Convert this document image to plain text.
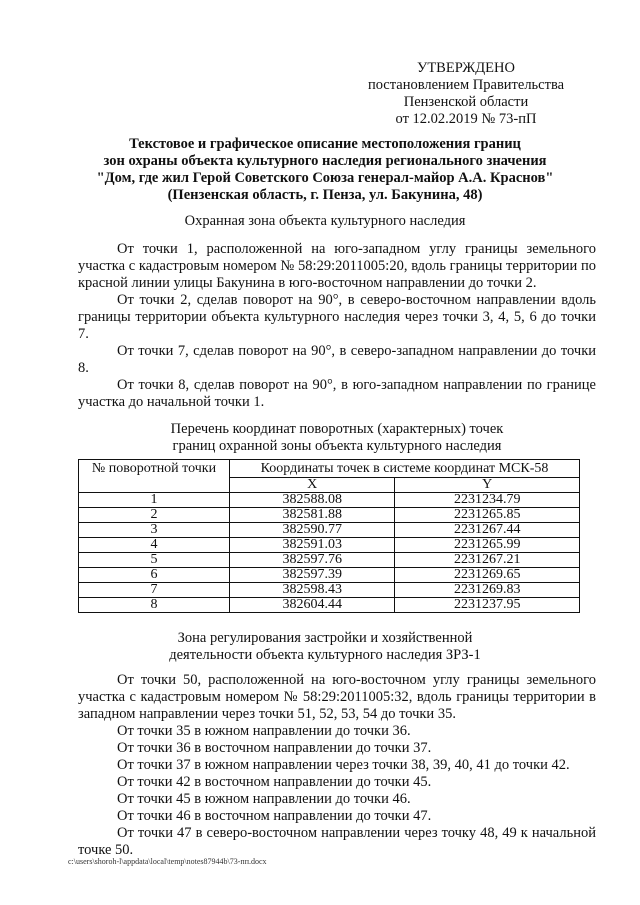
УТВЕРЖДЕНО
постановлением Правительства
Пензенской области
от 12.02.2019 № 73-пП
Текстовое и графическое описание местоположения границ
зон охраны объекта культурного наследия регионального значения
"Дом, где жил Герой Советского Союза генерал-майор А.А. Краснов"
(Пензенская область, г. Пенза, ул. Бакунина, 48)
Охранная зона объекта культурного наследия

От точки 1, расположенной на юго-западном углу границы земельного участка с кадастровым номером № 58:29:2011005:20, вдоль границы территории по красной линии улицы Бакунина в юго-восточном направлении до точки 2.

От точки 2, сделав поворот на 90°, в северо-восточном направлении вдоль границы территории объекта культурного наследия через точки 3, 4, 5, 6 до точки 7.

От точки 7, сделав поворот на 90°, в северо-западном направлении до точки 8.

От точки 8, сделав поворот на 90°, в юго-западном направлении по границе участка до начальной точки 1.

Перечень координат поворотных (характерных) точек
границ охранной зоны объекта культурного наследия
№ поворотной точки	Координаты точек в системе координат МСК-58	
	X	Y
1	382588.08	2231234.79
2	382581.88	2231265.85
3	382590.77	2231267.44
4	382591.03	2231265.99
5	382597.76	2231267.21
6	382597.39	2231269.65
7	382598.43	2231269.83
8	382604.44	2231237.95
Зона регулирования застройки и хозяйственной
деятельности объекта культурного наследия ЗРЗ-1

От точки 50, расположенной на юго-восточном углу границы земельного участка с кадастровым номером № 58:29:2011005:32, вдоль границы территории в западном направлении через точки 51, 52, 53, 54 до точки 35.

От точки 35 в южном направлении до точки 36.

От точки 36 в восточном направлении до точки 37.

От точки 37 в южном направлении через точки 38, 39, 40, 41 до точки 42.

От точки 42 в восточном направлении до точки 45.

От точки 45 в южном направлении до точки 46.

От точки 46 в восточном направлении до точки 47.

От точки 47 в северо-восточном направлении через точку 48, 49 к начальной точке 50.

c:\users\shoroh-l\appdata\local\temp\notes87944b\73-пп.docx
